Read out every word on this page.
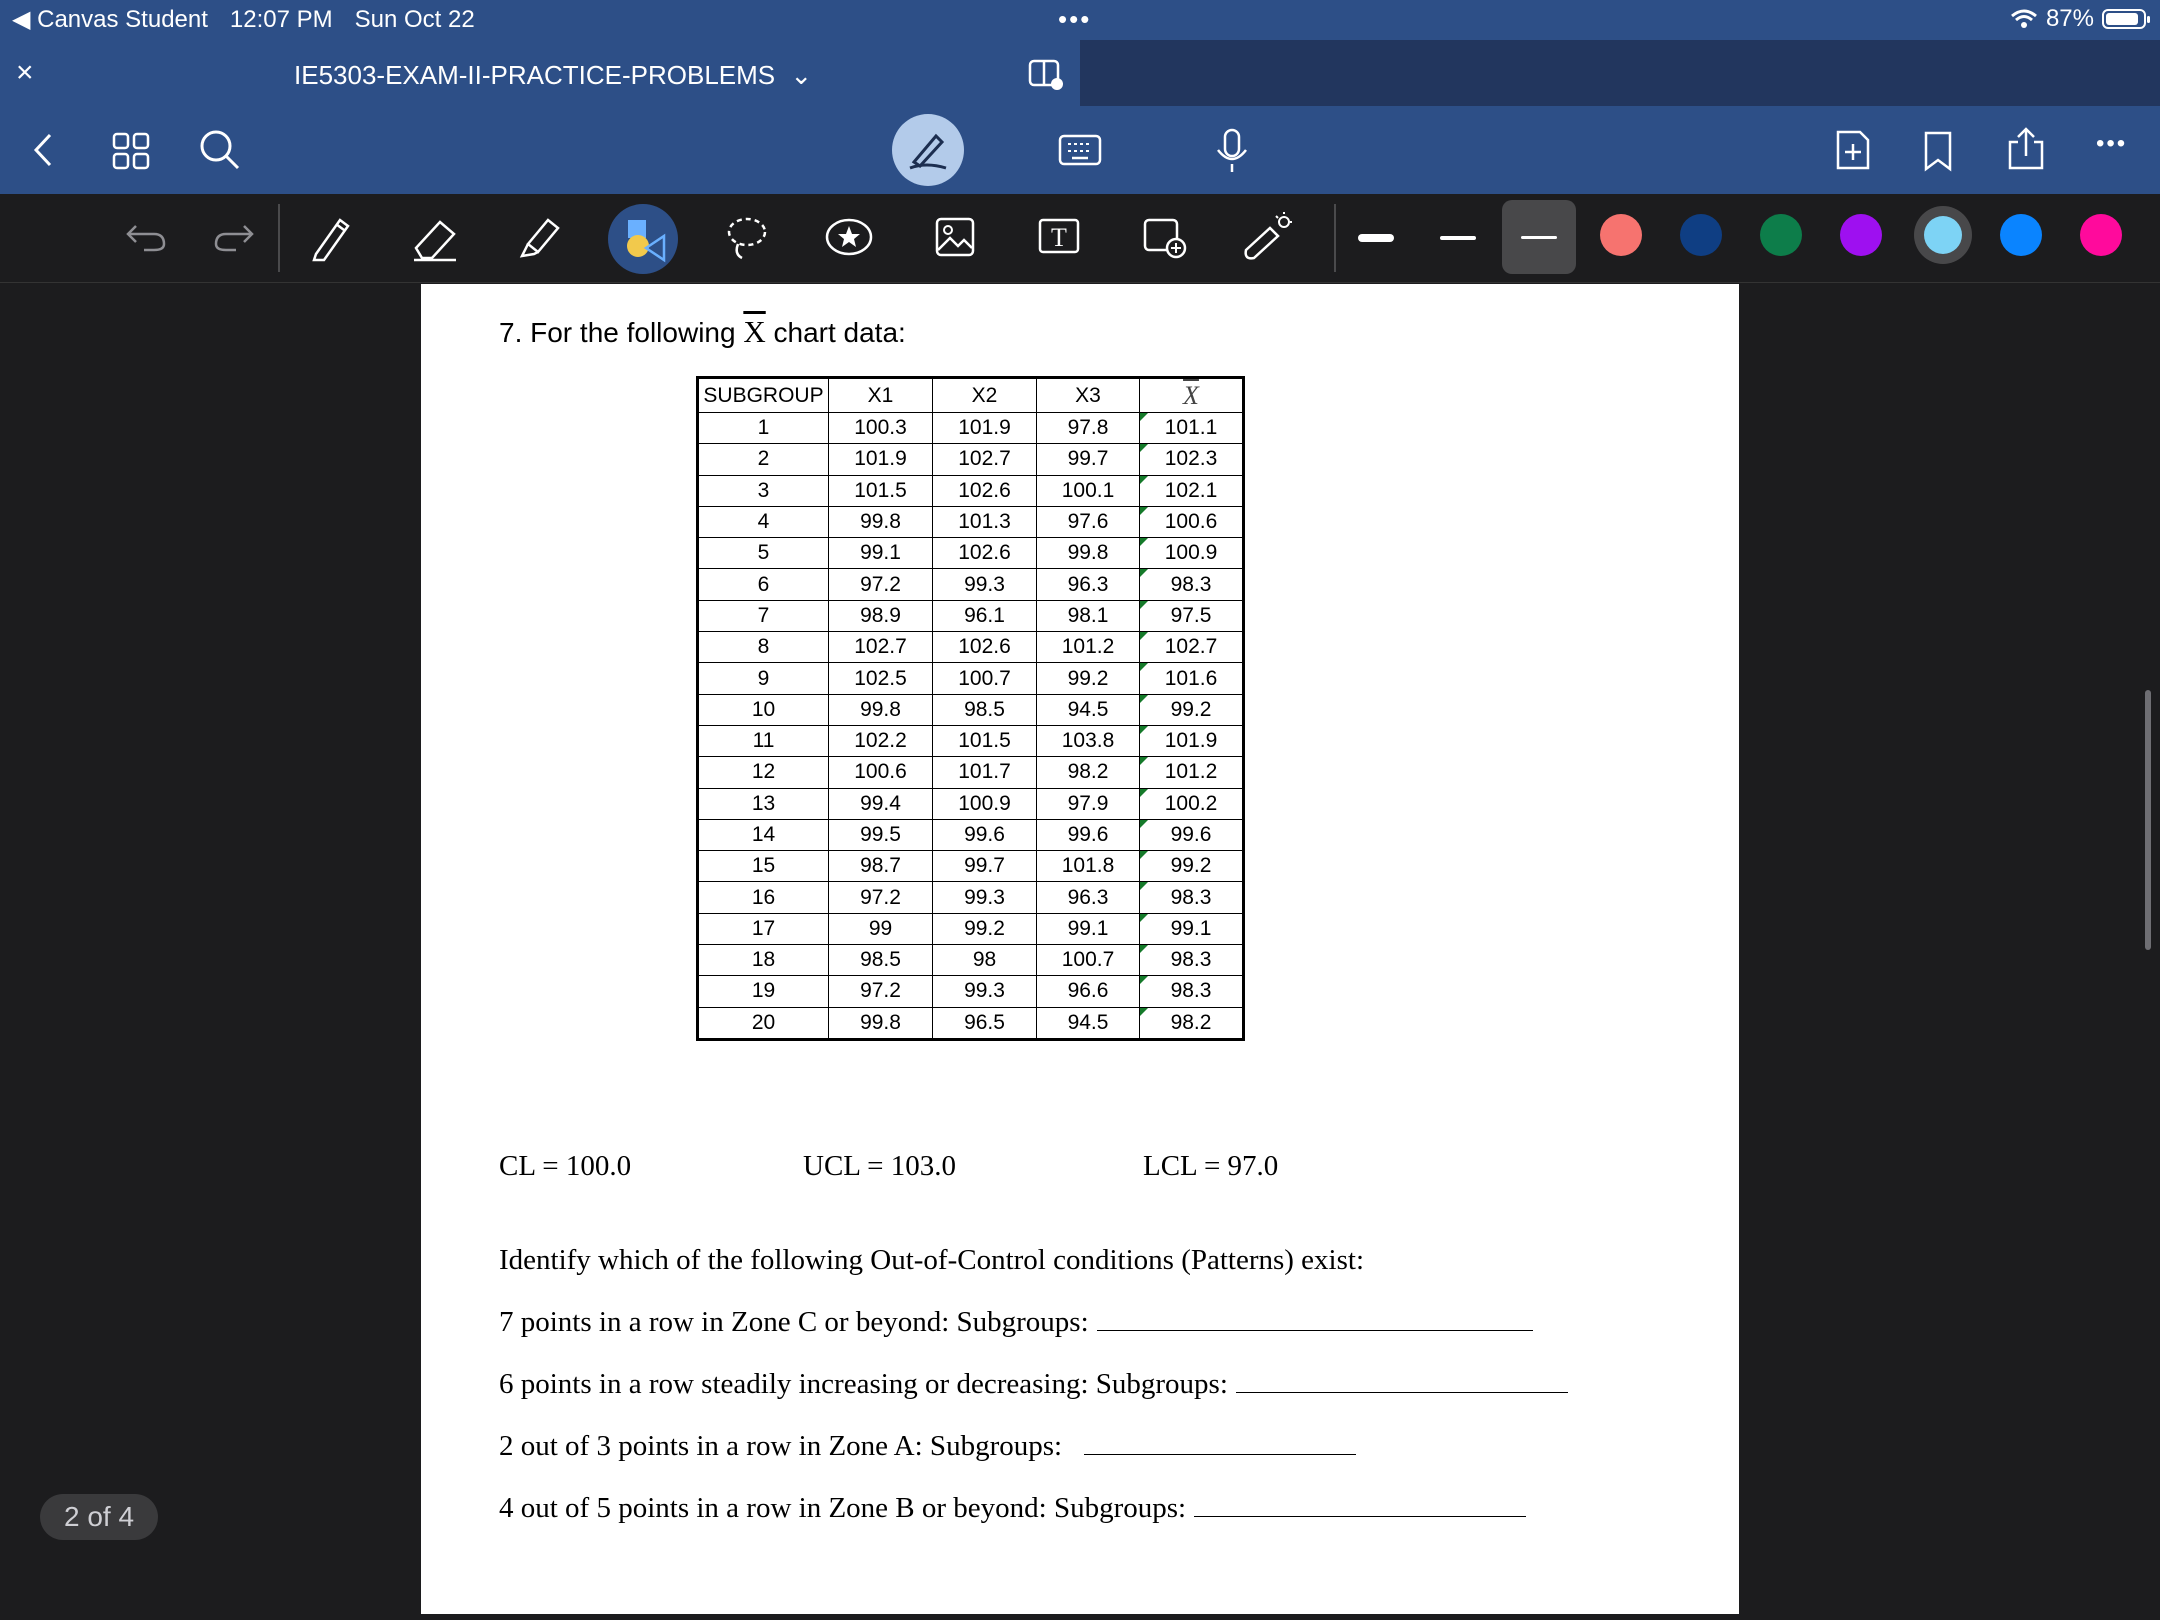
◀ Canvas Student 12:07 PM Sun Oct 22	•••	87%
×	IE5303-EXAM-II-PRACTICE-PROBLEMS ⌄
•••
T
7. For the following $\overline{X}$ chart data:
SUBGROUP	X1	X2	X3	$\overline{X}$
1	100.3	101.9	97.8	101.1
2	101.9	102.7	99.7	102.3
3	101.5	102.6	100.1	102.1
4	99.8	101.3	97.6	100.6
5	99.1	102.6	99.8	100.9
6	97.2	99.3	96.3	98.3
7	98.9	96.1	98.1	97.5
8	102.7	102.6	101.2	102.7
9	102.5	100.7	99.2	101.6
10	99.8	98.5	94.5	99.2
11	102.2	101.5	103.8	101.9
12	100.6	101.7	98.2	101.2
13	99.4	100.9	97.9	100.2
14	99.5	99.6	99.6	99.6
15	98.7	99.7	101.8	99.2
16	97.2	99.3	96.3	98.3
17	99	99.2	99.1	99.1
18	98.5	98	100.7	98.3
19	97.2	99.3	96.6	98.3
20	99.8	96.5	94.5	98.2
CL = 100.0	UCL = 103.0	LCL = 97.0
Identify which of the following Out-of-Control conditions (Patterns) exist:
7 points in a row in Zone C or beyond: Subgroups:
6 points in a row steadily increasing or decreasing: Subgroups:
2 out of 3 points in a row in Zone A: Subgroups:
4 out of 5 points in a row in Zone B or beyond: Subgroups:
2 of 4
